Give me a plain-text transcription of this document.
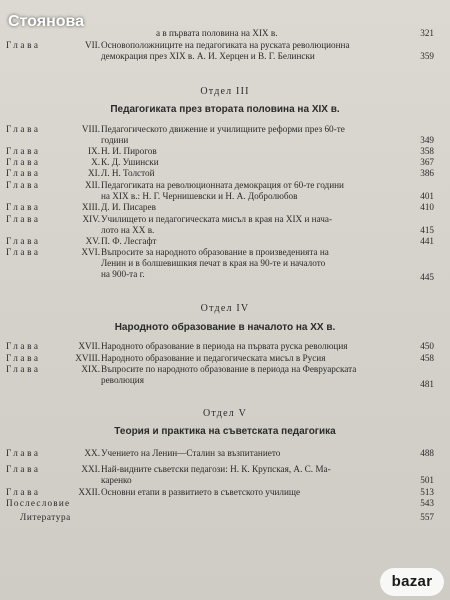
Стоянова
а в първата половина на XIX в.	321
Глава	VII. Основоположниците на педагогиката на руската революционна
демокрация през XIX в. А. И. Херцен и В. Г. Белински	359
Отдел III
Педагогиката през втората половина на XIX в.
Глава	VIII. Педагогическото движение и училищните реформи през 60-те
години	349
Глава	IX. Н. И. Пирогов	358
Глава	X. К. Д. Ушински	367
Глава	XI. Л. Н. Толстой	386
Глава	XII. Педагогиката на революционната демокрация от 60-те години
на XIX в.: Н. Г. Чернишевски и Н. А. Добролюбов	401
Глава	XIII. Д. И. Писарев	410
Глава	XIV. Училището и педагогическата мисъл в края на XIX и нача-
лото на XX в.	415
Глава	XV. П. Ф. Лесгафт	441
Глава	XVI. Въпросите за народното образование в произведенията на
Ленин и в болшевишкия печат в края на 90-те и началото
на 900-та г.	445
Отдел IV
Народното образование в началото на XX в.
Глава	XVII. Народното образование в периода на първата руска революция	450
Глава	XVIII. Народното образование и педагогическата мисъл в Русия	458
Глава	XIX. Въпросите по народното образование в периода на Февруарската
революция	481
Отдел V
Теория и практика на съветската педагогика
Глава	XX. Учението на Ленин—Сталин за възпитанието	488
Глава	XXI. Най-видните съветски педагози: Н. К. Крупская, А. С. Ма-
каренко	501
Глава	XXII. Основни етапи в развитието в съветското училище	513
Послесловие	543
Литература	557
bazar
